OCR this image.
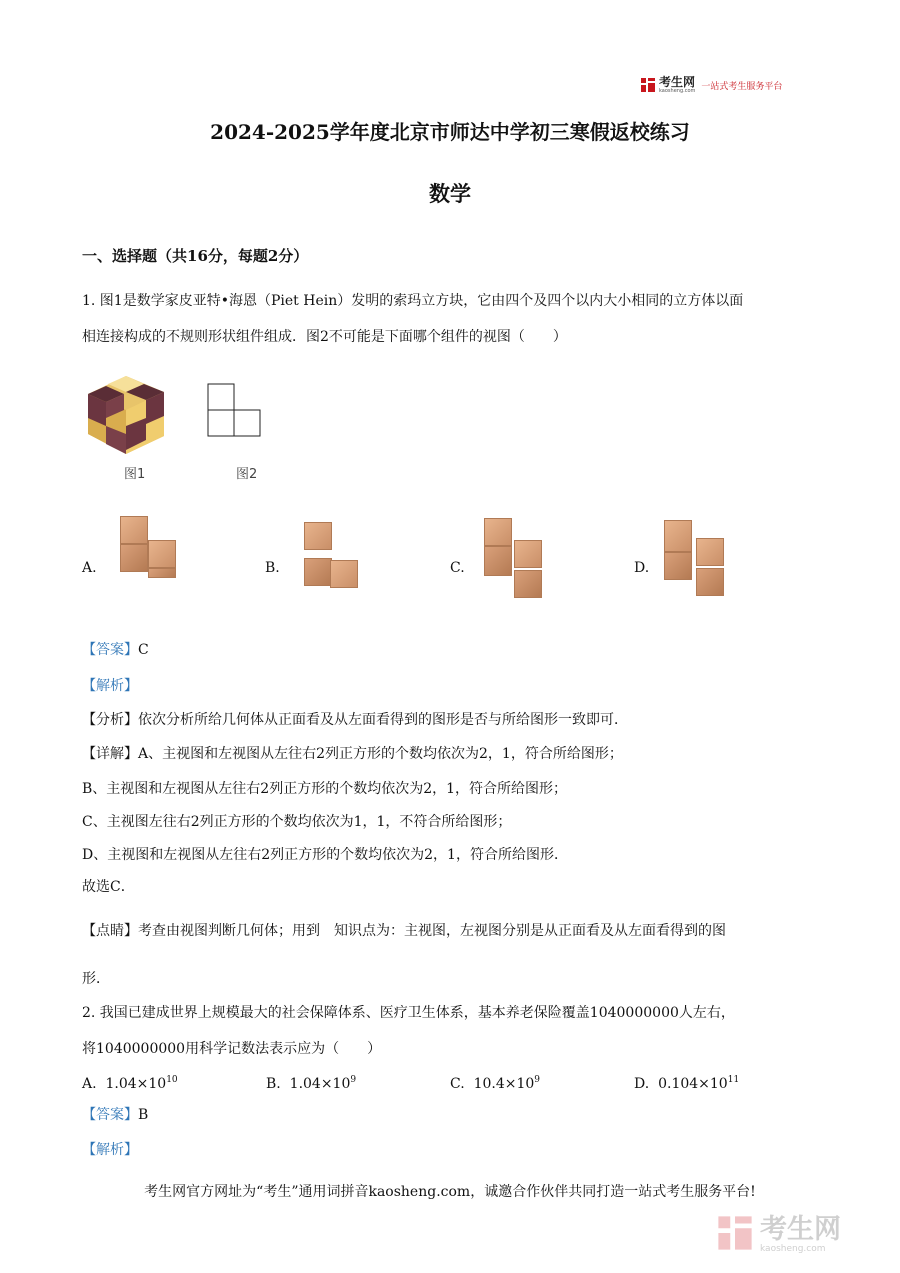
考生网
kaosheng.com 一站式考生服务平台
2024-2025学年度北京市师达中学初三寒假返校练习
数学
一、选择题（共16分，每题2分）
1. 图1是数学家皮亚特•海恩（Piet Hein）发明的索玛立方块，它由四个及四个以内大小相同的立方体以面
相连接构成的不规则形状组件组成．图2不可能是下面哪个组件的视图（　　）
图1	图2
A.	B.	C.	D.
【答案】C
【解析】
【分析】依次分析所给几何体从正面看及从左面看得到的图形是否与所给图形一致即可．
【详解】A、主视图和左视图从左往右2列正方形的个数均依次为2，1，符合所给图形；
B、主视图和左视图从左往右2列正方形的个数均依次为2，1，符合所给图形；
C、主视图左往右2列正方形的个数均依次为1，1，不符合所给图形；
D、主视图和左视图从左往右2列正方形的个数均依次为2，1，符合所给图形．
故选C．
【点睛】考查由视图判断几何体；用到　知识点为：主视图，左视图分别是从正面看及从左面看得到的图
形．
2. 我国已建成世界上规模最大的社会保障体系、医疗卫生体系，基本养老保险覆盖1040000000人左右，
将1040000000用科学记数法表示应为（　　）
A. $1.04\times 10^{10}$	B. $1.04\times 10^9$	C. $10.4\times 10^9$	D. $0.104\times 10^{11}$
【答案】B
【解析】
考生网官方网址为“考生”通用词拼音kaosheng.com，诚邀合作伙伴共同打造一站式考生服务平台!
考生网
kaosheng.com
